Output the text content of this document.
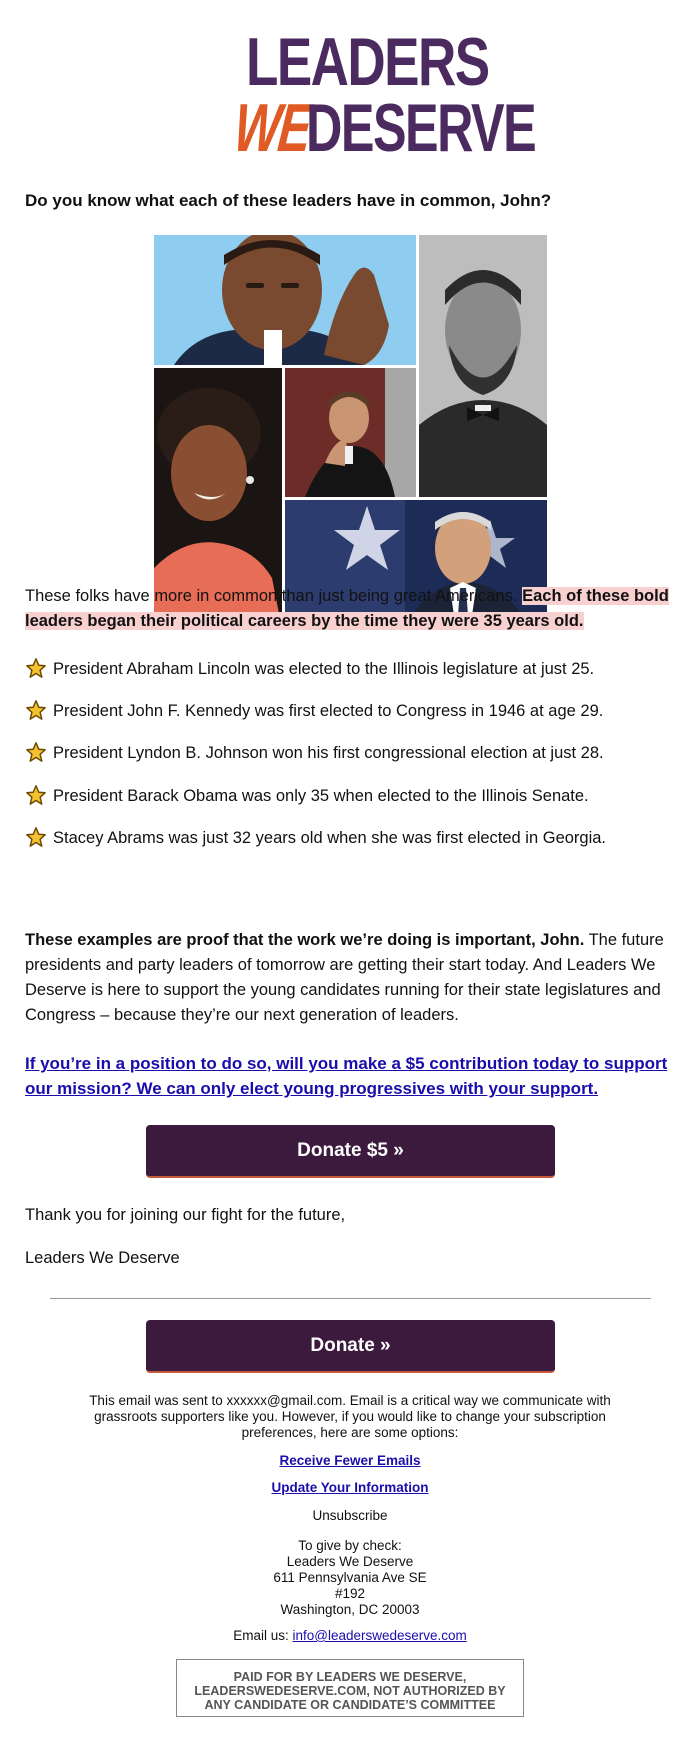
LEADERS
WE
DESERVE
Do you know what each of these leaders have in common, John?
These folks have more in common than just being great Americans. Each of these bold leaders began their political careers by the time they were 35 years old.
President Abraham Lincoln was elected to the Illinois legislature at just 25.
President John F. Kennedy was first elected to Congress in 1946 at age 29.
President Lyndon B. Johnson won his first congressional election at just 28.
President Barack Obama was only 35 when elected to the Illinois Senate.
Stacey Abrams was just 32 years old when she was first elected in Georgia.
These examples are proof that the work we’re doing is important, John. The future presidents and party leaders of tomorrow are getting their start today. And Leaders We Deserve is here to support the young candidates running for their state legislatures and Congress – because they’re our next generation of leaders.
If you’re in a position to do so, will you make a $5 contribution today to support our mission? We can only elect young progressives with your support.
Donate $5 »
Thank you for joining our fight for the future,
Leaders We Deserve
Donate »
This email was sent to xxxxxx@gmail.com. Email is a critical way we communicate with grassroots supporters like you. However, if you would like to change your subscription preferences, here are some options:
Receive Fewer Emails
Update Your Information
Unsubscribe
To give by check:
Leaders We Deserve
611 Pennsylvania Ave SE
#192
Washington, DC 20003
Email us: info@leaderswedeserve.com
PAID FOR BY LEADERS WE DESERVE,
LEADERSWEDESERVE.COM, NOT AUTHORIZED BY
ANY CANDIDATE OR CANDIDATE’S COMMITTEE
